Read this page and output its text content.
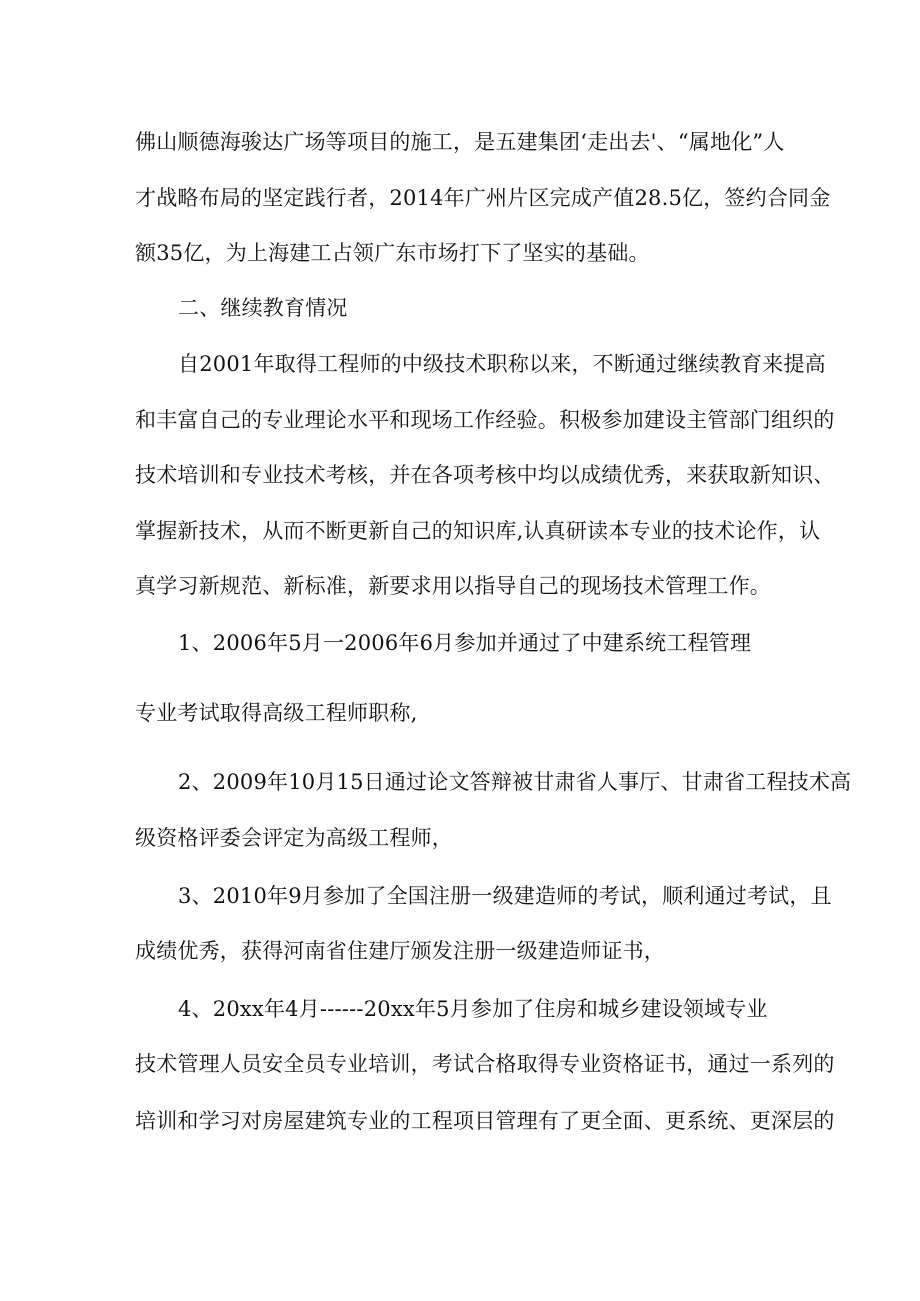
佛山顺德海骏达广场等项目的施工，是五建集团‘走出去'、“属地化”人
才战略布局的坚定践行者，2014年广州片区完成产值28.5亿，签约合同金
额35亿，为上海建工占领广东市场打下了坚实的基础。
二、继续教育情况
自2001年取得工程师的中级技术职称以来，不断通过继续教育来提高
和丰富自己的专业理论水平和现场工作经验。积极参加建设主管部门组织的
技术培训和专业技术考核，并在各项考核中均以成绩优秀，来获取新知识、
掌握新技术，从而不断更新自己的知识库,认真研读本专业的技术论作，认
真学习新规范、新标准，新要求用以指导自己的现场技术管理工作。
1、2006年5月一2006年6月参加并通过了中建系统工程管理
专业考试取得高级工程师职称,
2、2009年10月15日通过论文答辩被甘肃省人事厅、甘肃省工程技术高
级资格评委会评定为高级工程师，
3、2010年9月参加了全国注册一级建造师的考试，顺利通过考试，且
成绩优秀，获得河南省住建厅颁发注册一级建造师证书，
4、20xx年4月------20xx年5月参加了住房和城乡建设领域专业
技术管理人员安全员专业培训，考试合格取得专业资格证书，通过一系列的
培训和学习对房屋建筑专业的工程项目管理有了更全面、更系统、更深层的
